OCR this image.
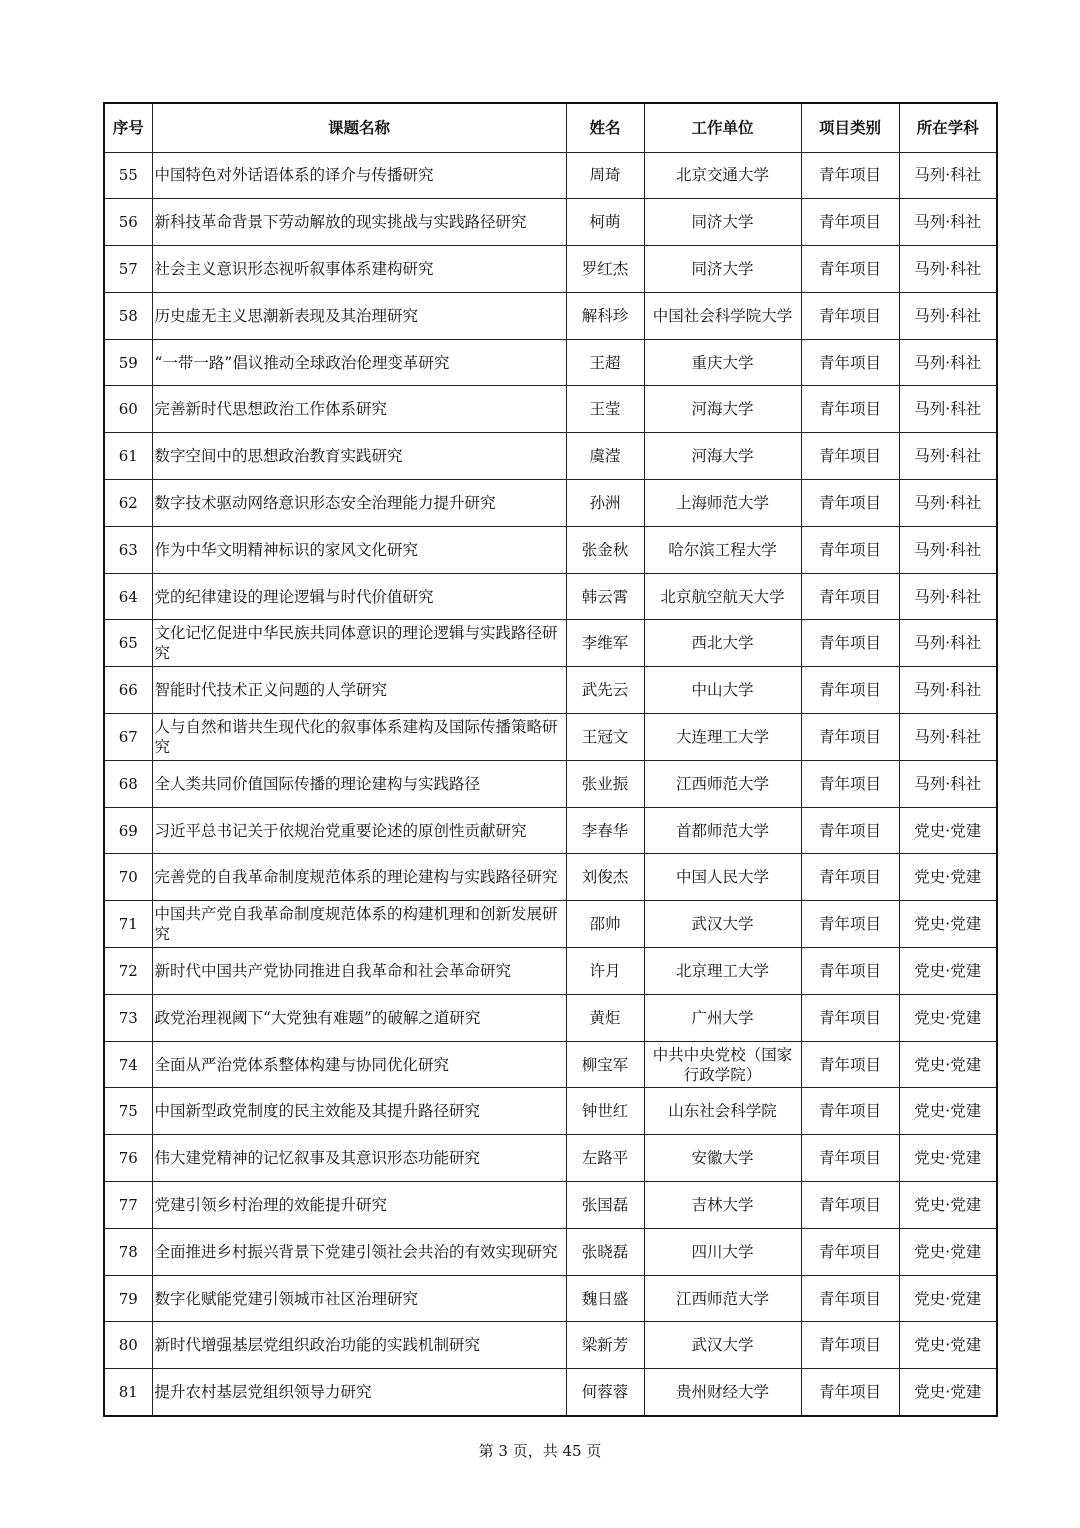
序号	课题名称	姓名	工作单位	项目类别	所在学科
55	中国特色对外话语体系的译介与传播研究	周琦	北京交通大学	青年项目	马列·科社
56	新科技革命背景下劳动解放的现实挑战与实践路径研究	柯萌	同济大学	青年项目	马列·科社
57	社会主义意识形态视听叙事体系建构研究	罗红杰	同济大学	青年项目	马列·科社
58	历史虚无主义思潮新表现及其治理研究	解科珍	中国社会科学院大学	青年项目	马列·科社
59	“一带一路”倡议推动全球政治伦理变革研究	王超	重庆大学	青年项目	马列·科社
60	完善新时代思想政治工作体系研究	王莹	河海大学	青年项目	马列·科社
61	数字空间中的思想政治教育实践研究	虞滢	河海大学	青年项目	马列·科社
62	数字技术驱动网络意识形态安全治理能力提升研究	孙洲	上海师范大学	青年项目	马列·科社
63	作为中华文明精神标识的家风文化研究	张金秋	哈尔滨工程大学	青年项目	马列·科社
64	党的纪律建设的理论逻辑与时代价值研究	韩云霄	北京航空航天大学	青年项目	马列·科社
65	文化记忆促进中华民族共同体意识的理论逻辑与实践路径研究	李维军	西北大学	青年项目	马列·科社
66	智能时代技术正义问题的人学研究	武先云	中山大学	青年项目	马列·科社
67	人与自然和谐共生现代化的叙事体系建构及国际传播策略研究	王冠文	大连理工大学	青年项目	马列·科社
68	全人类共同价值国际传播的理论建构与实践路径	张业振	江西师范大学	青年项目	马列·科社
69	习近平总书记关于依规治党重要论述的原创性贡献研究	李春华	首都师范大学	青年项目	党史·党建
70	完善党的自我革命制度规范体系的理论建构与实践路径研究	刘俊杰	中国人民大学	青年项目	党史·党建
71	中国共产党自我革命制度规范体系的构建机理和创新发展研究	邵帅	武汉大学	青年项目	党史·党建
72	新时代中国共产党协同推进自我革命和社会革命研究	许月	北京理工大学	青年项目	党史·党建
73	政党治理视阈下“大党独有难题”的破解之道研究	黄炬	广州大学	青年项目	党史·党建
74	全面从严治党体系整体构建与协同优化研究	柳宝军	中共中央党校（国家行政学院）	青年项目	党史·党建
75	中国新型政党制度的民主效能及其提升路径研究	钟世红	山东社会科学院	青年项目	党史·党建
76	伟大建党精神的记忆叙事及其意识形态功能研究	左路平	安徽大学	青年项目	党史·党建
77	党建引领乡村治理的效能提升研究	张国磊	吉林大学	青年项目	党史·党建
78	全面推进乡村振兴背景下党建引领社会共治的有效实现研究	张晓磊	四川大学	青年项目	党史·党建
79	数字化赋能党建引领城市社区治理研究	魏日盛	江西师范大学	青年项目	党史·党建
80	新时代增强基层党组织政治功能的实践机制研究	梁新芳	武汉大学	青年项目	党史·党建
81	提升农村基层党组织领导力研究	何蓉蓉	贵州财经大学	青年项目	党史·党建
第 3 页，共 45 页
